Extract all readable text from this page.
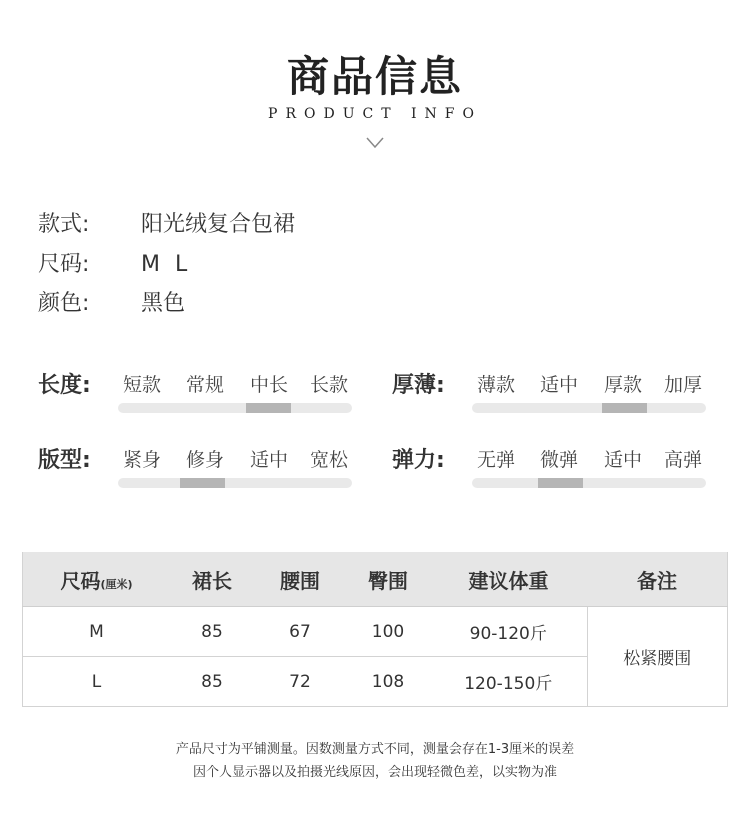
商品信息
PRODUCT INFO
款式: 阳光绒复合包裙
尺码: M L
颜色: 黑色
长度: 短款 常规 中长 长款 厚薄: 薄款 适中 厚款 加厚
版型: 紧身 修身 适中 宽松 弹力: 无弹 微弹 适中 高弹
尺码(厘米)	裙长	腰围	臀围	建议体重	备注
M	85	67	100	90-120斤	松紧腰围
L	85	72	108	120-150斤	
产品尺寸为平铺测量。因数测量方式不同，测量会存在1-3厘米的误差
因个人显示器以及拍摄光线原因，会出现轻微色差，以实物为准
